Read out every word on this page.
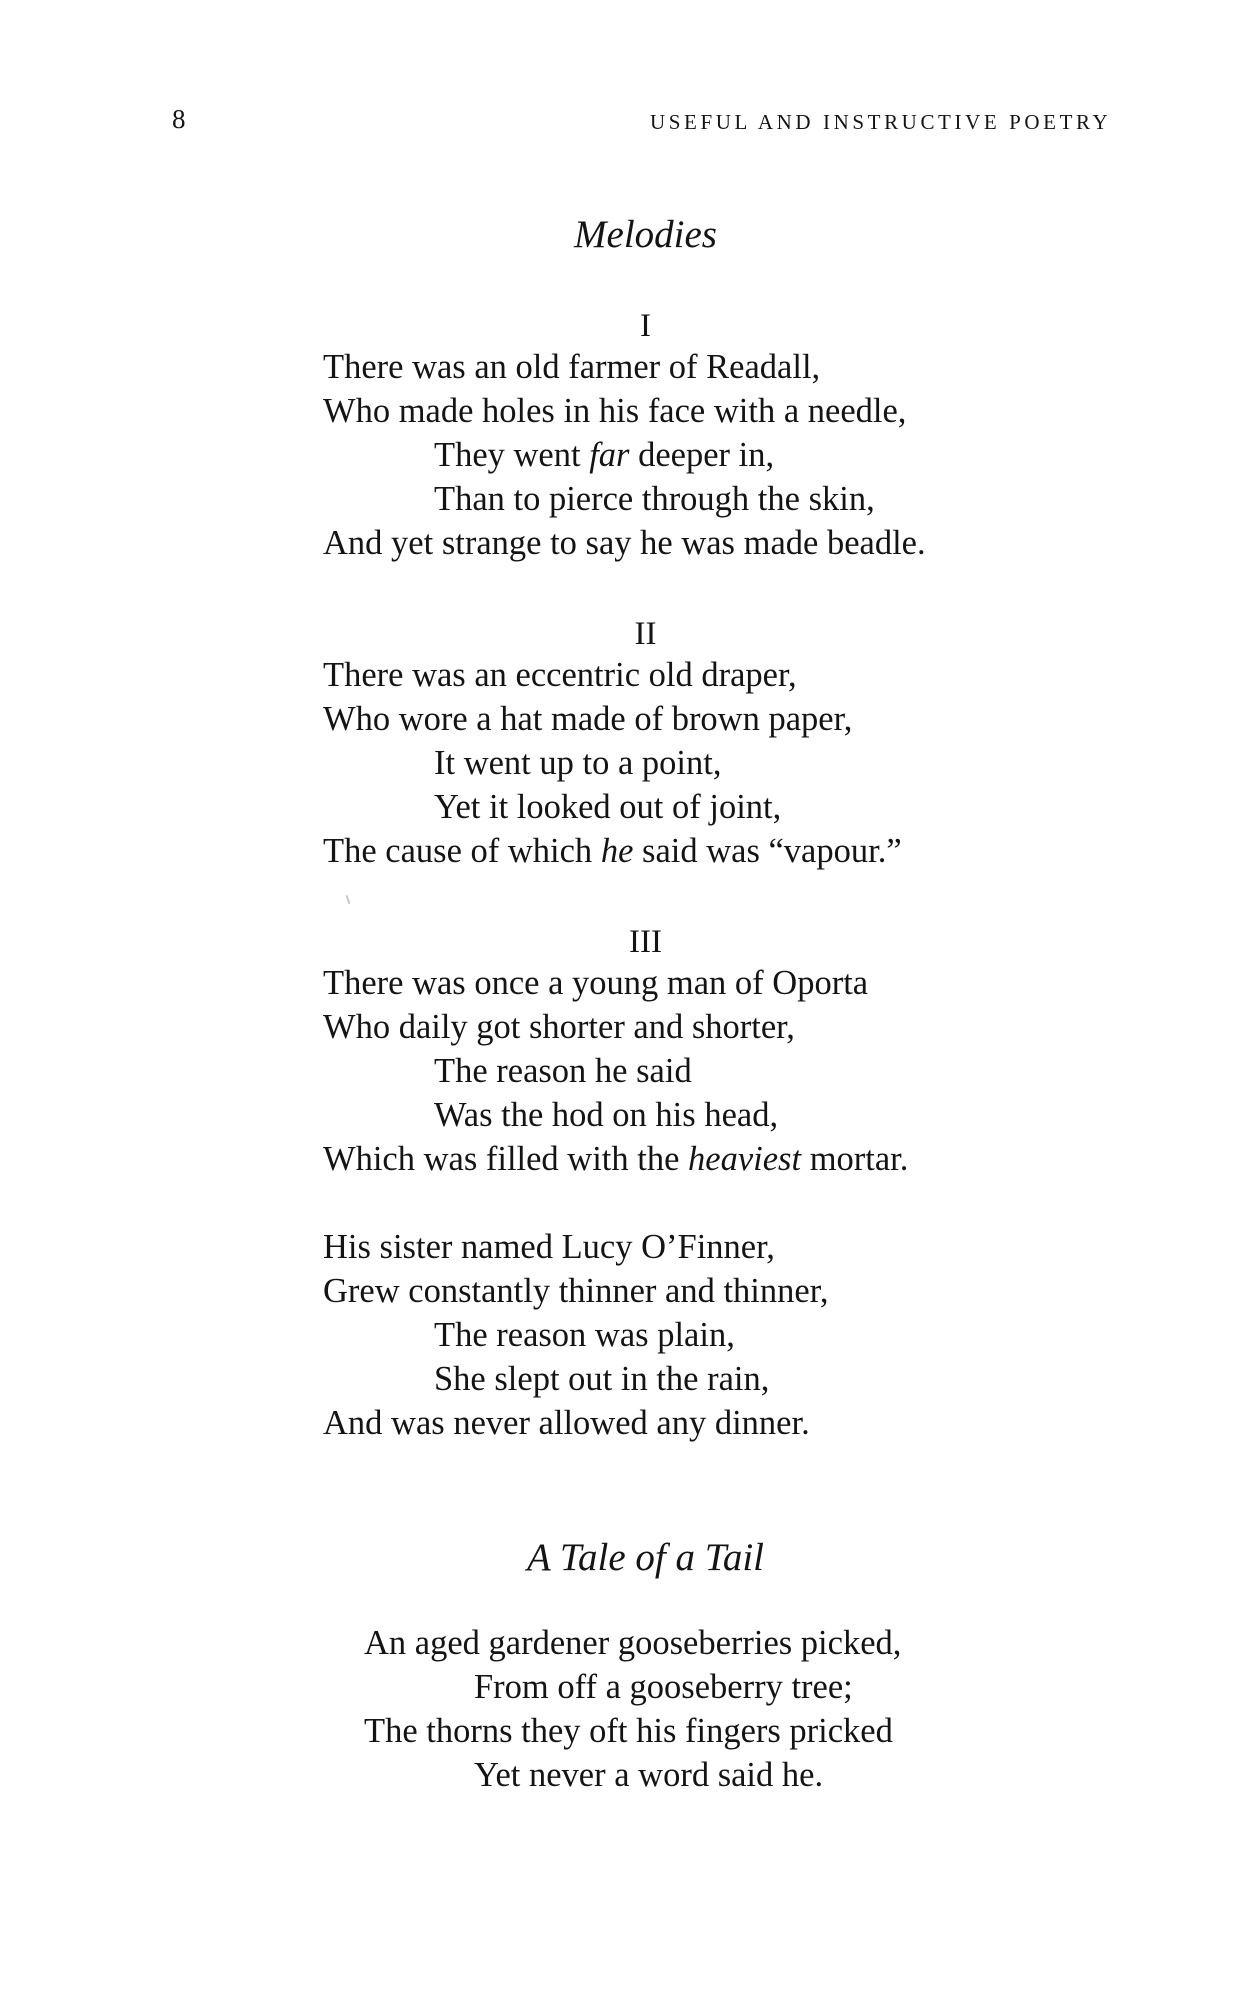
8	USEFUL AND INSTRUCTIVE POETRY
Melodies
I
There was an old farmer of Readall,
Who made holes in his face with a needle,
They went far deeper in,
Than to pierce through the skin,
And yet strange to say he was made beadle.
II
There was an eccentric old draper,
Who wore a hat made of brown paper,
It went up to a point,
Yet it looked out of joint,
The cause of which he said was “vapour.”
III
There was once a young man of Oporta
Who daily got shorter and shorter,
The reason he said
Was the hod on his head,
Which was filled with the heaviest mortar.
His sister named Lucy O’Finner,
Grew constantly thinner and thinner,
The reason was plain,
She slept out in the rain,
And was never allowed any dinner.
A Tale of a Tail
An aged gardener gooseberries picked,
From off a gooseberry tree;
The thorns they oft his fingers pricked
Yet never a word said he.
